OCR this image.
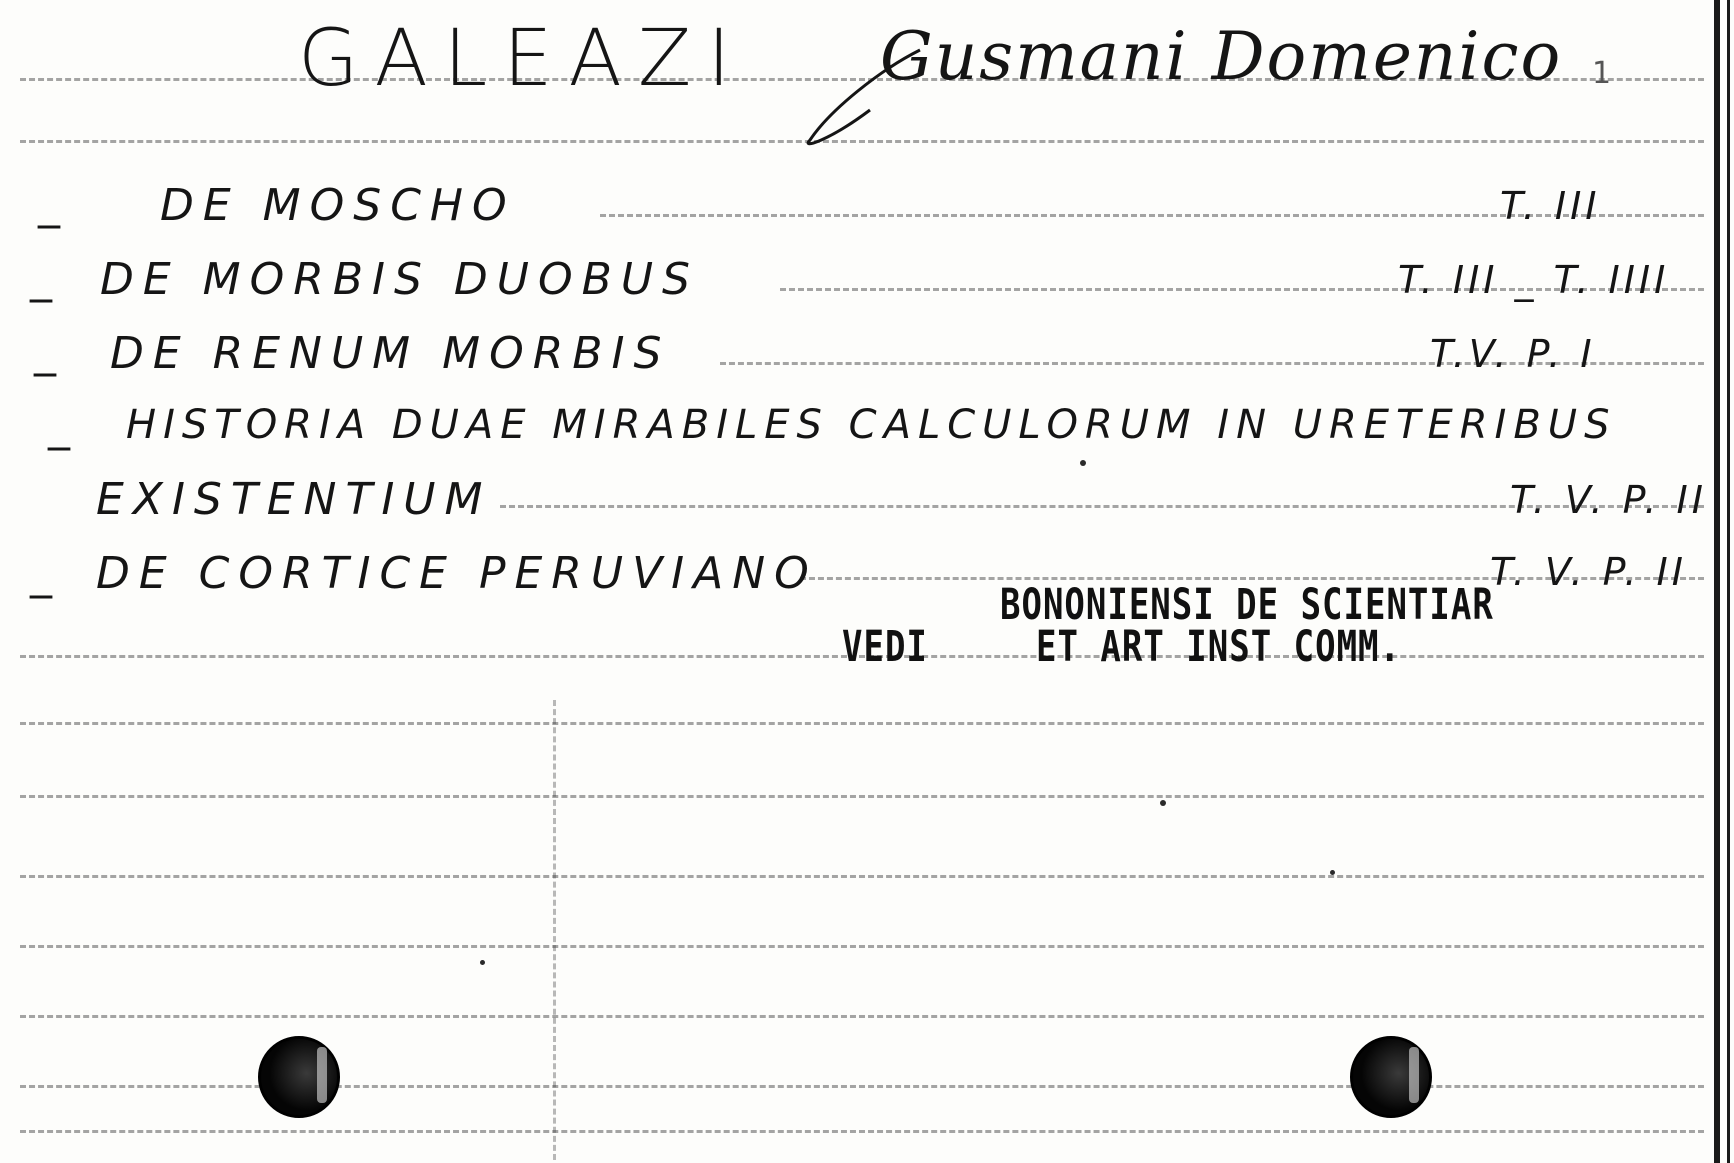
GALEAZI Gusmani Domenico 1
_ DE MOSCHO	T. III
_ DE MORBIS DUOBUS	T. III _ T. IIII
_ DE RENUM MORBIS	T.V. P. I
_ HISTORIA DUAE MIRABILES CALCULORUM IN URETERIBUS
EXISTENTIUM	T. V. P. II
_ DE CORTICE PERUVIANO	T. V. P. II
BONONIENSI DE SCIENTIAR
VEDI	ET ART INST COMM.
